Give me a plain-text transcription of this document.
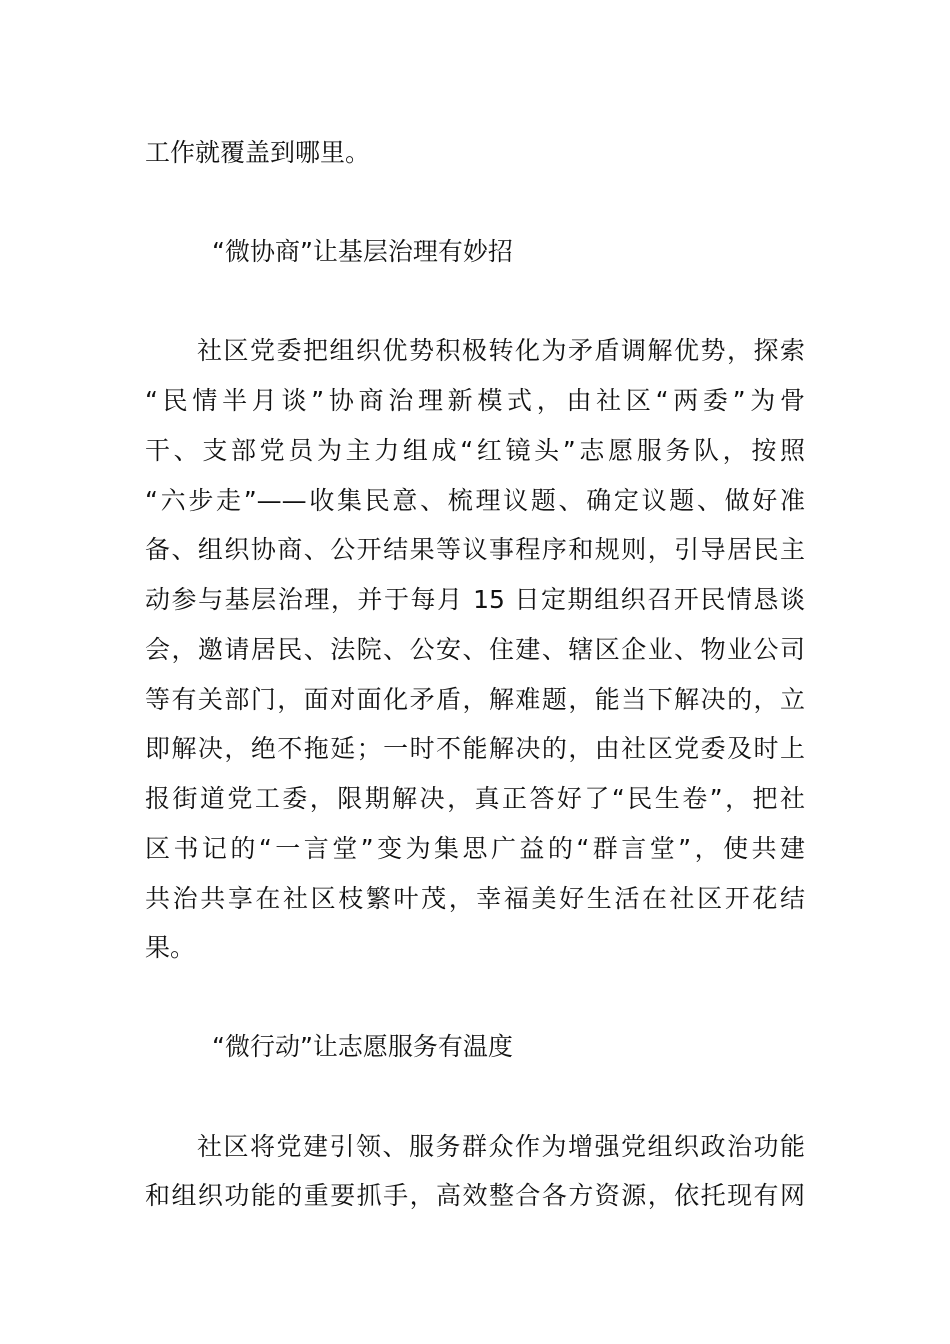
工作就覆盖到哪里。
“微协商”让基层治理有妙招
社区党委把组织优势积极转化为矛盾调解优势，探索
“民情半月谈”协商治理新模式，由社区“两委”为骨
干、支部党员为主力组成“红镜头”志愿服务队，按照
“六步走”——收集民意、梳理议题、确定议题、做好准
备、组织协商、公开结果等议事程序和规则，引导居民主
动参与基层治理，并于每月 15 日定期组织召开民情恳谈
会，邀请居民、法院、公安、住建、辖区企业、物业公司
等有关部门，面对面化矛盾，解难题，能当下解决的，立
即解决，绝不拖延；一时不能解决的，由社区党委及时上
报街道党工委，限期解决，真正答好了“民生卷”，把社
区书记的“一言堂”变为集思广益的“群言堂”，使共建
共治共享在社区枝繁叶茂，幸福美好生活在社区开花结
果。
“微行动”让志愿服务有温度
社区将党建引领、服务群众作为增强党组织政治功能
和组织功能的重要抓手，高效整合各方资源，依托现有网
